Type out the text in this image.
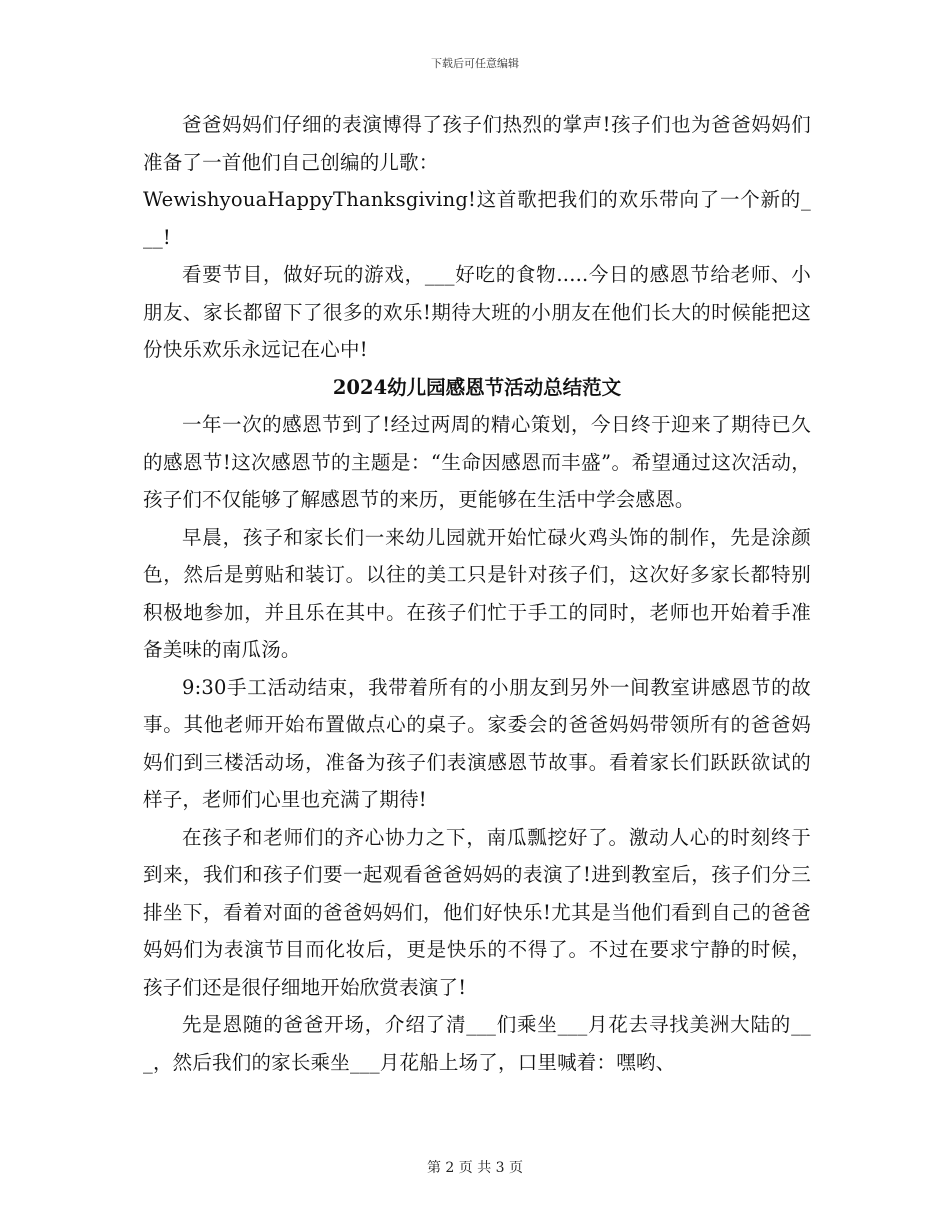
下载后可任意编辑

爸爸妈妈们仔细的表演博得了孩子们热烈的掌声!孩子们也为爸爸妈妈们准备了一首他们自己创编的儿歌：

WewishyouaHappyThanksgiving!这首歌把我们的欢乐带向了一个新的___!

看要节目，做好玩的游戏，___好吃的食物.....今日的感恩节给老师、小朋友、家长都留下了很多的欢乐!期待大班的小朋友在他们长大的时候能把这份快乐欢乐永远记在心中!

2024幼儿园感恩节活动总结范文

一年一次的感恩节到了!经过两周的精心策划，今日终于迎来了期待已久的感恩节!这次感恩节的主题是：“生命因感恩而丰盛”。希望通过这次活动，孩子们不仅能够了解感恩节的来历，更能够在生活中学会感恩。

早晨，孩子和家长们一来幼儿园就开始忙碌火鸡头饰的制作，先是涂颜色，然后是剪贴和装订。以往的美工只是针对孩子们，这次好多家长都特别积极地参加，并且乐在其中。在孩子们忙于手工的同时，老师也开始着手准备美味的南瓜汤。

9:30手工活动结束，我带着所有的小朋友到另外一间教室讲感恩节的故事。其他老师开始布置做点心的桌子。家委会的爸爸妈妈带领所有的爸爸妈妈们到三楼活动场，准备为孩子们表演感恩节故事。看着家长们跃跃欲试的样子，老师们心里也充满了期待!

在孩子和老师们的齐心协力之下，南瓜瓢挖好了。激动人心的时刻终于到来，我们和孩子们要一起观看爸爸妈妈的表演了!进到教室后，孩子们分三排坐下，看着对面的爸爸妈妈们，他们好快乐!尤其是当他们看到自己的爸爸妈妈们为表演节目而化妆后，更是快乐的不得了。不过在要求宁静的时候，孩子们还是很仔细地开始欣赏表演了!

先是恩随的爸爸开场，介绍了清___们乘坐___月花去寻找美洲大陆的___，然后我们的家长乘坐___月花船上场了，口里喊着：嘿哟、

第 2 页 共 3 页
